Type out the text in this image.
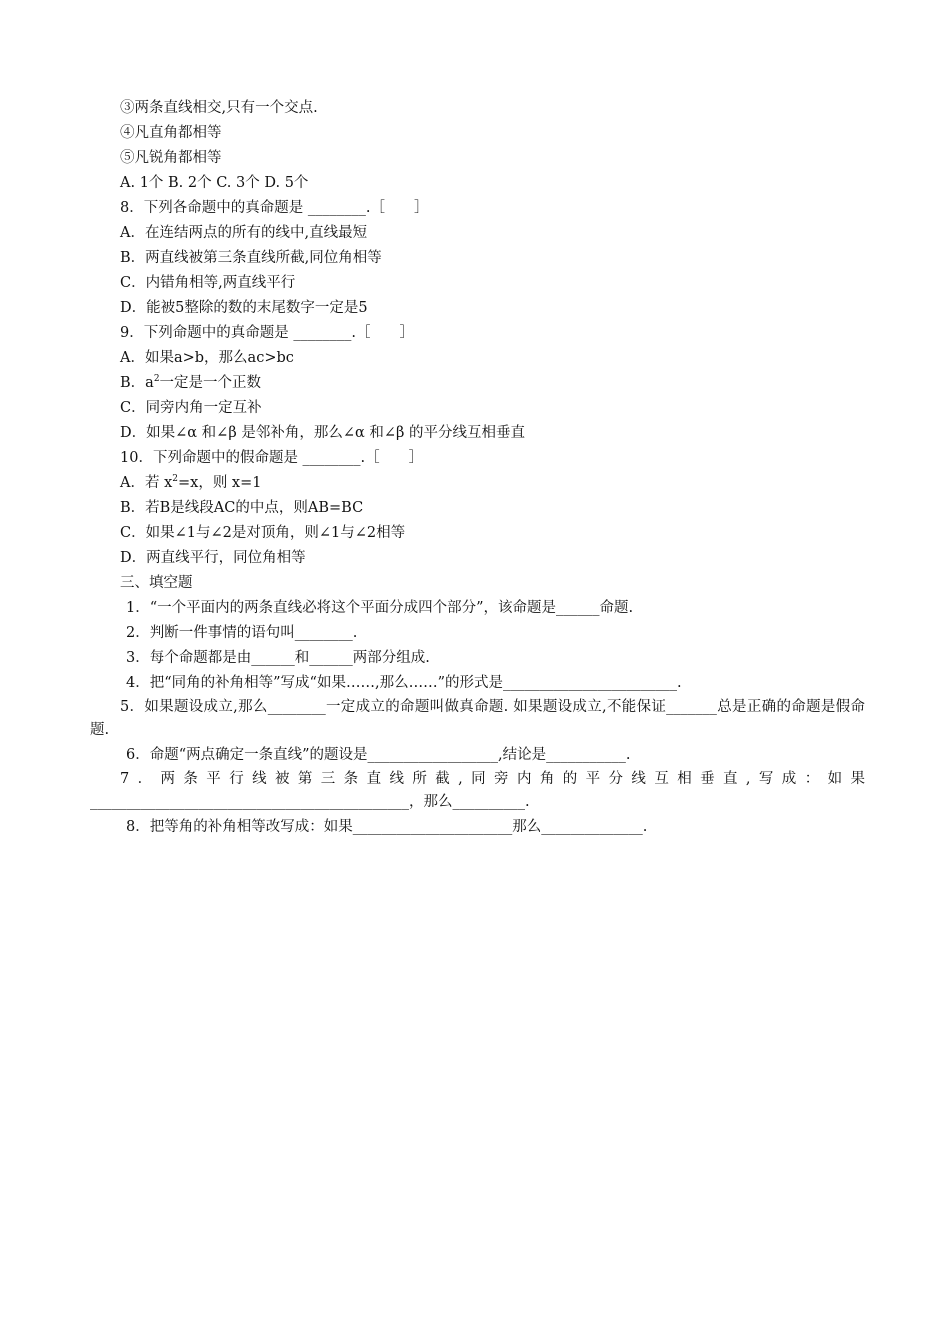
③两条直线相交,只有一个交点.
④凡直角都相等
⑤凡锐角都相等
A. 1个 B. 2个 C. 3个 D. 5个
8．下列各命题中的真命题是 ________.［　　］
A．在连结两点的所有的线中,直线最短
B．两直线被第三条直线所截,同位角相等
C．内错角相等,两直线平行
D．能被5整除的数的末尾数字一定是5
9．下列命题中的真命题是 ________.［　　］
A．如果a>b，那么ac>bc
B．$a^2$一定是一个正数
C．同旁内角一定互补
D．如果∠α 和∠β 是邻补角，那么∠α 和∠β 的平分线互相垂直
10．下列命题中的假命题是 ________.［　　］
A．若 $x^2=x$，则 x=1
B．若B是线段AC的中点，则AB=BC
C．如果∠1与∠2是对顶角，则∠1与∠2相等
D．两直线平行，同位角相等
三、填空题
1．“一个平面内的两条直线必将这个平面分成四个部分”，该命题是______命题.
2．判断一件事情的语句叫________.
3．每个命题都是由______和______两部分组成.
4．把“同角的补角相等”写成“如果……,那么……”的形式是________________________.
5．如果题设成立,那么________一定成立的命题叫做真命题. 如果题设成立,不能保证_______总是正确的命题是假命题.
6．命题“两点确定一条直线”的题设是__________________,结论是___________.
7．两条平行线被第三条直线所截,同旁内角的平分线互相垂直,写成：如果____________________________________________，那么__________.
8．把等角的补角相等改写成：如果______________________那么______________.
